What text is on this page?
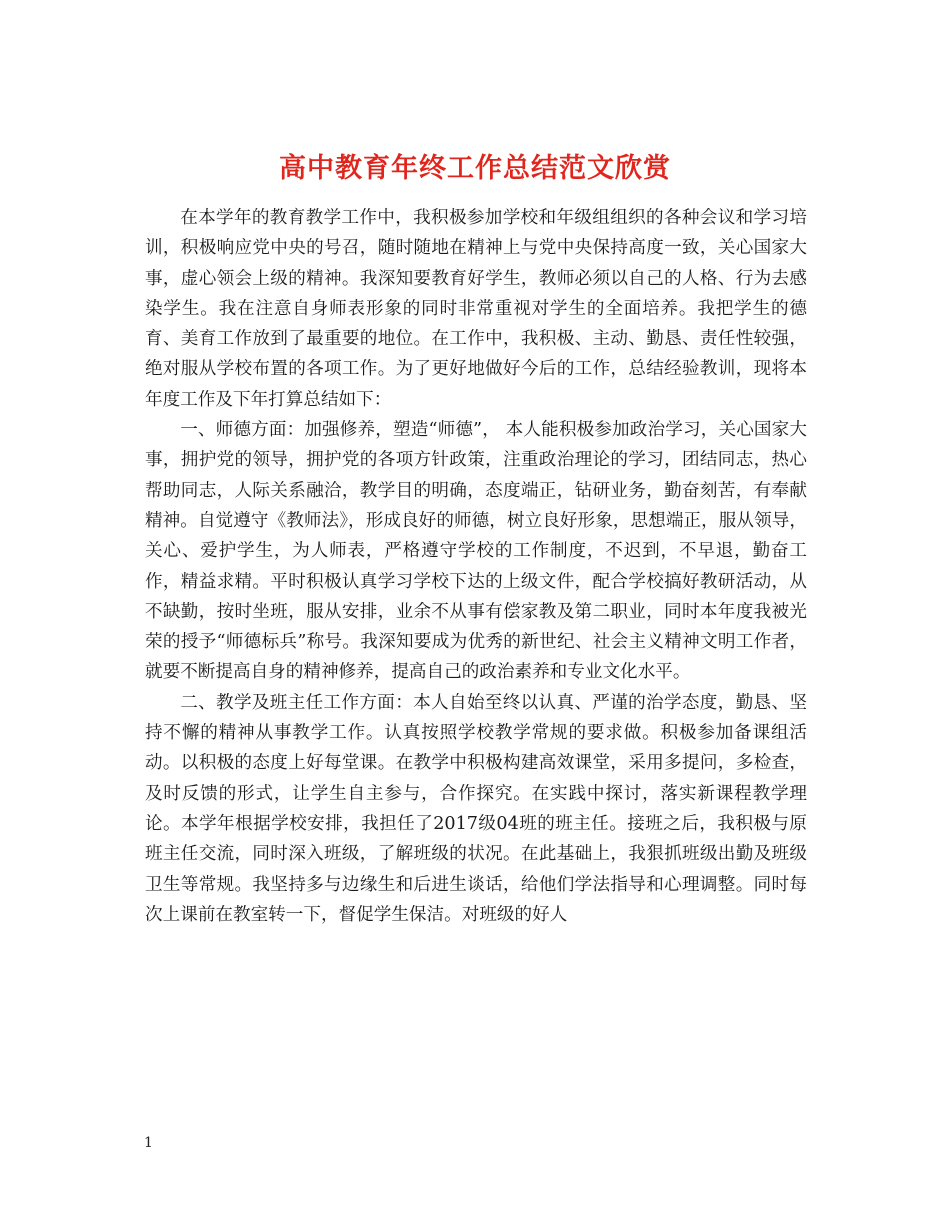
高中教育年终工作总结范文欣赏

在本学年的教育教学工作中，我积极参加学校和年级组组织的各种会议和学习培训，积极响应党中央的号召，随时随地在精神上与党中央保持高度一致，关心国家大事，虚心领会上级的精神。我深知要教育好学生，教师必须以自己的人格、行为去感染学生。我在注意自身师表形象的同时非常重视对学生的全面培养。我把学生的德育、美育工作放到了最重要的地位。在工作中，我积极、主动、勤恳、责任性较强，绝对服从学校布置的各项工作。为了更好地做好今后的工作，总结经验教训，现将本年度工作及下年打算总结如下：

一、师德方面：加强修养，塑造“师德”， 本人能积极参加政治学习，关心国家大事，拥护党的领导，拥护党的各项方针政策，注重政治理论的学习，团结同志，热心帮助同志，人际关系融洽，教学目的明确，态度端正，钻研业务，勤奋刻苦，有奉献精神。自觉遵守《教师法》，形成良好的师德，树立良好形象，思想端正，服从领导，关心、爱护学生，为人师表，严格遵守学校的工作制度，不迟到，不早退，勤奋工作，精益求精。平时积极认真学习学校下达的上级文件，配合学校搞好教研活动，从不缺勤，按时坐班，服从安排，业余不从事有偿家教及第二职业，同时本年度我被光荣的授予“师德标兵”称号。我深知要成为优秀的新世纪、社会主义精神文明工作者，就要不断提高自身的精神修养，提高自己的政治素养和专业文化水平。

二、教学及班主任工作方面：本人自始至终以认真、严谨的治学态度，勤恳、坚持不懈的精神从事教学工作。认真按照学校教学常规的要求做。积极参加备课组活动。以积极的态度上好每堂课。在教学中积极构建高效课堂，采用多提问，多检查，及时反馈的形式，让学生自主参与，合作探究。在实践中探讨，落实新课程教学理论。本学年根据学校安排，我担任了2017级04班的班主任。接班之后，我积极与原班主任交流，同时深入班级，了解班级的状况。在此基础上，我狠抓班级出勤及班级卫生等常规。我坚持多与边缘生和后进生谈话，给他们学法指导和心理调整。同时每次上课前在教室转一下，督促学生保洁。对班级的好人

1
